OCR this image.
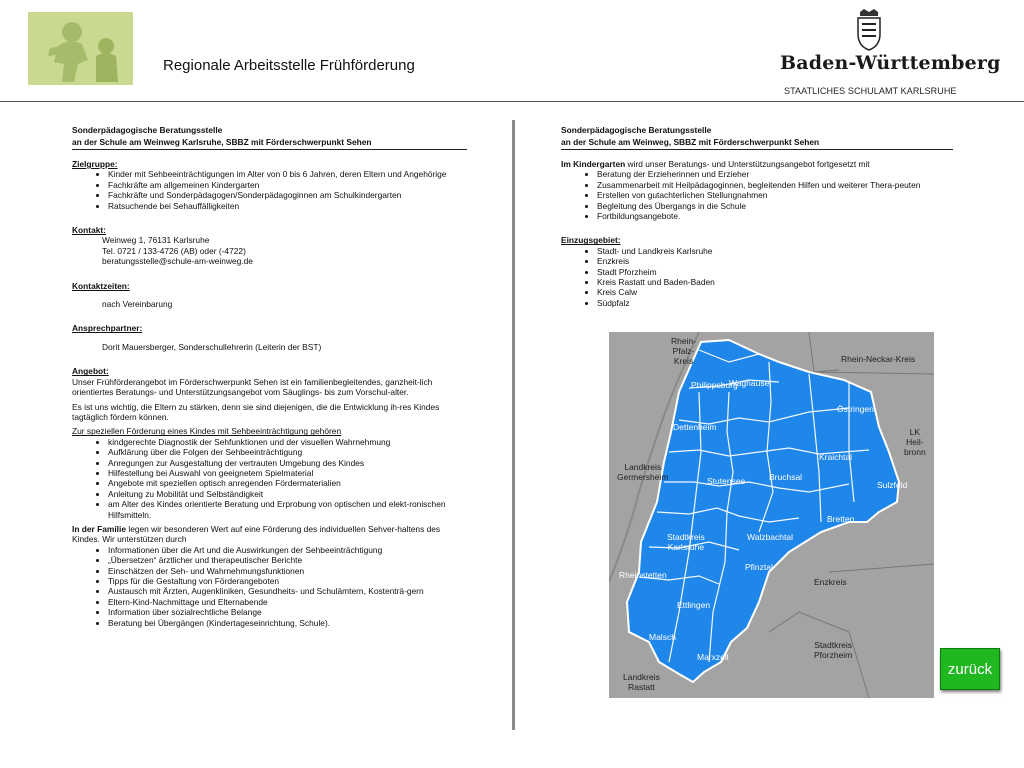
Regionale Arbeitsstelle Frühförderung	Baden-Württemberg
STAATLICHES SCHULAMT KARLSRUHE
Sonderpädagogische Beratungsstelle
an der Schule am Weinweg Karlsruhe, SBBZ mit Förderschwerpunkt Sehen
Zielgruppe:
• Kinder mit Sehbeeinträchtigungen im Alter von 0 bis 6 Jahren, deren Eltern und Angehörige
• Fachkräfte am allgemeinen Kindergarten
• Fachkräfte und Sonderpädagogen/Sonderpädagoginnen am Schulkindergarten
• Ratsuchende bei Sehauffälligkeiten
Kontakt:
Weinweg 1, 76131 Karlsruhe
Tel. 0721 / 133-4726 (AB) oder (-4722)
beratungsstelle@schule-am-weinweg.de
Kontaktzeiten:
nach Vereinbarung
Ansprechpartner:
Dorit Mauersberger, Sonderschullehrerin (Leiterin der BST)
Angebot:

Unser Frühförderangebot im Förderschwerpunkt Sehen ist ein familienbegleitendes, ganzheit-lich orientiertes Beratungs- und Unterstützungsangebot vom Säuglings- bis zum Vorschul-alter.

Es ist uns wichtig, die Eltern zu stärken, denn sie sind diejenigen, die die Entwicklung ih-res Kindes tagtäglich fördern können.

Zur speziellen Förderung eines Kindes mit Sehbeeinträchtigung gehören

• kindgerechte Diagnostik der Sehfunktionen und der visuellen Wahrnehmung
• Aufklärung über die Folgen der Sehbeeinträchtigung
• Anregungen zur Ausgestaltung der vertrauten Umgebung des Kindes
• Hilfestellung bei Auswahl von geeignetem Spielmaterial
• Angebote mit speziellen optisch anregenden Fördermaterialien
• Anleitung zu Mobilität und Selbständigkeit
• am Alter des Kindes orientierte Beratung und Erprobung von optischen und elekt-ronischen Hilfsmitteln.

In der Familie legen wir besonderen Wert auf eine Förderung des individuellen Sehver-haltens des Kindes. Wir unterstützen durch

• Informationen über die Art und die Auswirkungen der Sehbeeinträchtigung
• „Übersetzen“ ärztlicher und therapeutischer Berichte
• Einschätzen der Seh- und Wahrnehmungsfunktionen
• Tipps für die Gestaltung von Förderangeboten
• Austausch mit Ärzten, Augenkliniken, Gesundheits- und Schulämtern, Kostenträ-gern
• Eltern-Kind-Nachmittage und Elternabende
• Information über sozialrechtliche Belange
• Beratung bei Übergängen (Kindertageseinrichtung, Schule).
Sonderpädagogische Beratungsstelle
an der Schule am Weinweg, SBBZ mit Förderschwerpunkt Sehen

Im Kindergarten wird unser Beratungs- und Unterstützungsangebot fortgesetzt mit

• Beratung der Erzieherinnen und Erzieher
• Zusammenarbeit mit Heilpädagoginnen, begleitenden Hilfen und weiterer Thera-peuten
• Erstellen von gutachterlichen Stellungnahmen
• Begleitung des Übergangs in die Schule
• Fortbildungsangebote.
Einzugsgebiet:
• Stadt- und Landkreis Karlsruhe
• Enzkreis
• Stadt Pforzheim
• Kreis Rastatt und Baden-Baden
• Kreis Calw
• Südpfalz
Rhein-
Pfalz-
Kreis	Rhein-Neckar-Kreis
Landkreis
Germersheim
LK
Heil-
bronn
Enzkreis
Stadtkreis
Pforzheim
Landkreis
Rastatt
Stadtkreis
Karlsruhe
Bruchsal
Kraichtal
Bretten
Ettlingen
Waghäusel
Philippsburg
Rheinstetten
Marxzell
Pfinztal
Walzbachtal
Malsch
Östringen
Sulzfeld
Dettenheim
Stutensee
zurück
